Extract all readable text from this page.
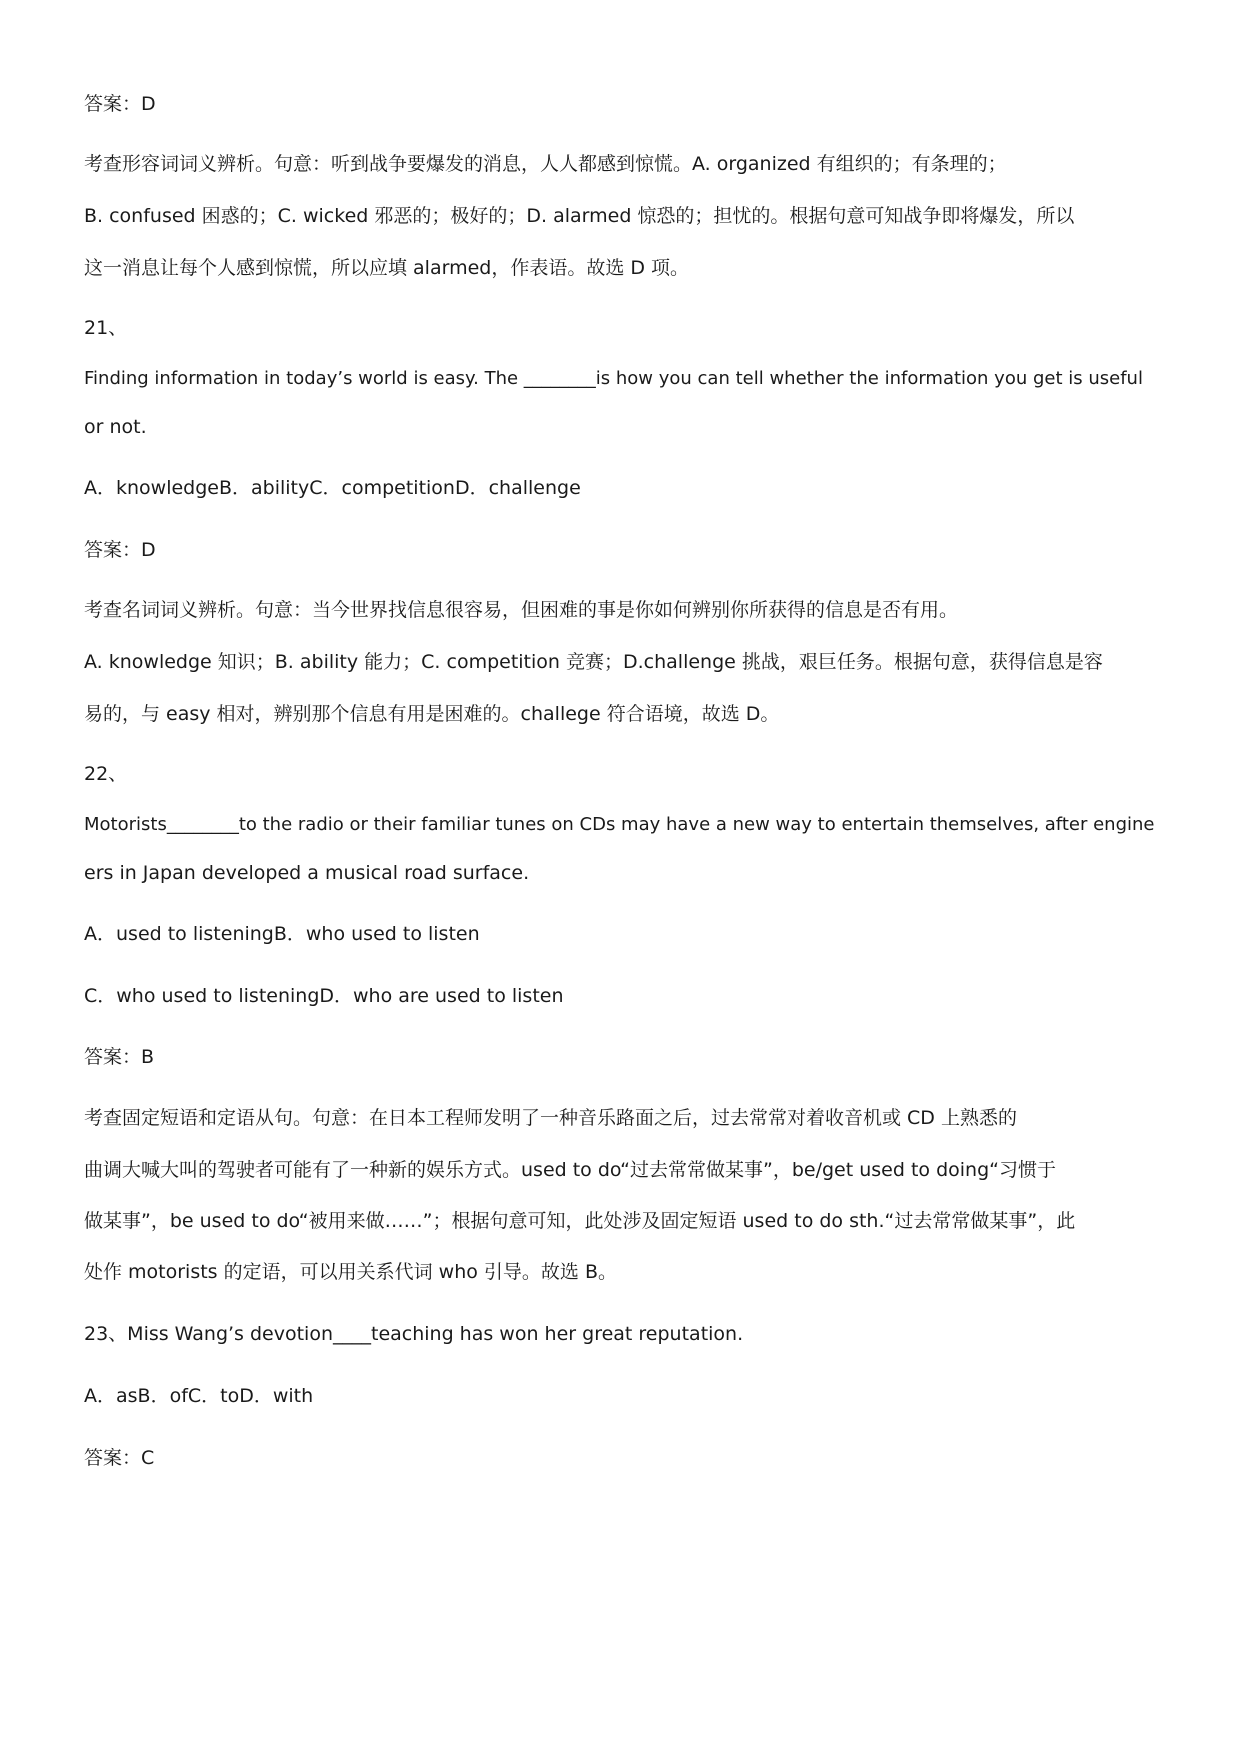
答案：D
考查形容词词义辨析。句意：听到战争要爆发的消息，人人都感到惊慌。A. organized 有组织的；有条理的；
B. confused 困惑的；C. wicked 邪恶的；极好的；D. alarmed 惊恐的；担忧的。根据句意可知战争即将爆发，所以
这一消息让每个人感到惊慌，所以应填 alarmed，作表语。故选 D 项。
21、
Finding information in today’s world is easy. The ________is how you can tell whether the information you get is useful
or not.
A．knowledgeB．abilityC．competitionD．challenge
答案：D
考查名词词义辨析。句意：当今世界找信息很容易，但困难的事是你如何辨别你所获得的信息是否有用。
A. knowledge 知识；B. ability 能力；C. competition 竞赛；D.challenge 挑战，艰巨任务。根据句意，获得信息是容
易的，与 easy 相对，辨别那个信息有用是困难的。challege 符合语境，故选 D。
22、
Motorists________to the radio or their familiar tunes on CDs may have a new way to entertain themselves, after engine
ers in Japan developed a musical road surface.
A．used to listeningB．who used to listen
C．who used to listeningD．who are used to listen
答案：B
考查固定短语和定语从句。句意：在日本工程师发明了一种音乐路面之后，过去常常对着收音机或 CD 上熟悉的
曲调大喊大叫的驾驶者可能有了一种新的娱乐方式。used to do“过去常常做某事”，be/get used to doing“习惯于
做某事”，be used to do“被用来做……”；根据句意可知，此处涉及固定短语 used to do sth.“过去常常做某事”，此
处作 motorists 的定语，可以用关系代词 who 引导。故选 B。
23、Miss Wang’s devotion____teaching has won her great reputation.
A．asB．ofC．toD．with
答案：C
